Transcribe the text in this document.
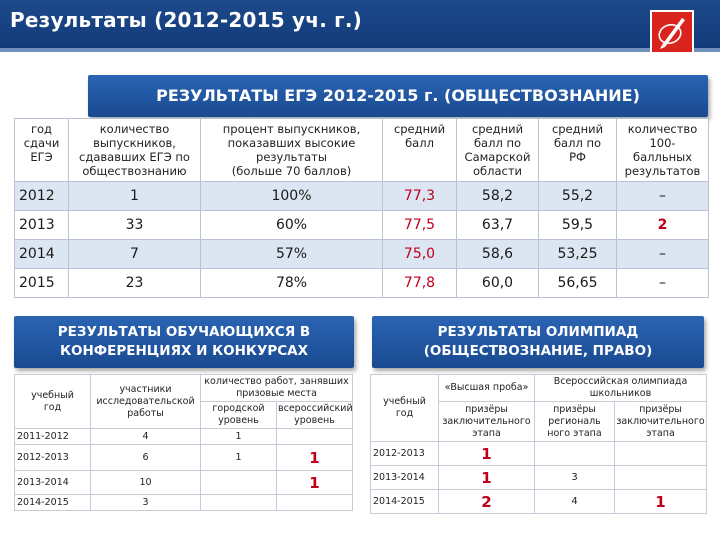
Результаты (2012-2015 уч. г.)
РЕЗУЛЬТАТЫ ЕГЭ 2012-2015 г. (ОБЩЕСТВОЗНАНИЕ)
год
сдачи
ЕГЭ	количество
выпускников,
сдававших ЕГЭ по
обществознанию	процент выпускников,
показавших высокие
результаты
(больше 70 баллов)	средний
балл	средний
балл по
Самарской
области	средний
балл по
РФ	количество
100-
балльных
результатов
2012	1	100%	77,3	58,2	55,2	–
2013	33	60%	77,5	63,7	59,5	2
2014	7	57%	75,0	58,6	53,25	–
2015	23	78%	77,8	60,0	56,65	–
РЕЗУЛЬТАТЫ ОБУЧАЮЩИХСЯ В
КОНФЕРЕНЦИЯХ И КОНКУРСАХ
РЕЗУЛЬТАТЫ ОЛИМПИАД
(ОБЩЕСТВОЗНАНИЕ, ПРАВО)
учебный
год	участники
исследовательской
работы	количество работ, занявших
призовые места	
		городской
уровень	всероссийский
уровень
2011-2012	4	1	
2012-2013	6	1	1
2013-2014	10		1
2014-2015	3		
учебный
год	«Высшая проба»	Всероссийская олимпиада
школьников	
	призёры
заключительного
этапа	призёры
региональ
ного этапа	призёры
заключительного
этапа
2012-2013	1		
2013-2014	1	3	
2014-2015	2	4	1
